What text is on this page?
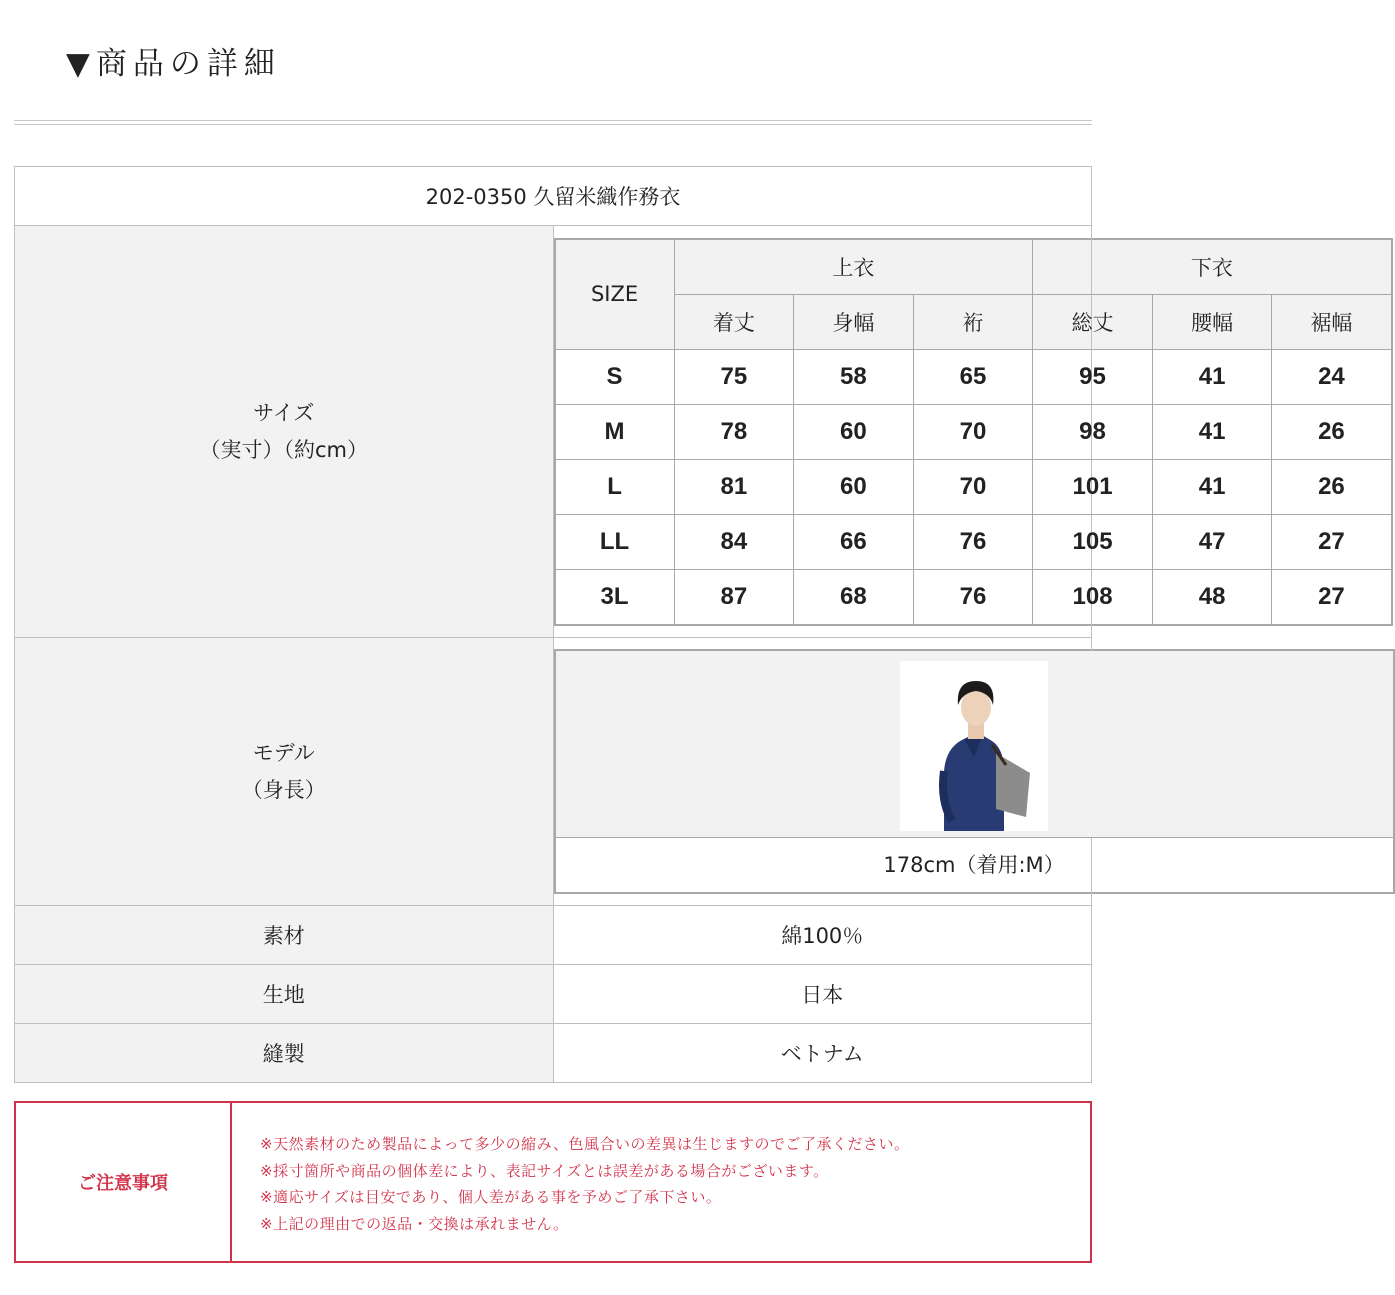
▼商品の詳細
202-0350 久留米織作務衣

サイズ
（実寸）（約cm）

SIZE	上衣	下衣
着丈	身幅	裄	総丈	腰幅	裾幅
S	75	58	65	95	41	24
M	78	60	70	98	41	26
L	81	60	70	101	41	26
LL	84	66	76	105	47	27
3L	87	68	76	108	48	27

モデル
（身長）

178cm（着用:M）

素材	綿100％
生地	日本
縫製	ベトナム
ご注意事項
※天然素材のため製品によって多少の縮み、色風合いの差異は生じますのでご了承ください。
※採寸箇所や商品の個体差により、表記サイズとは誤差がある場合がございます。
※適応サイズは目安であり、個人差がある事を予めご了承下さい。
※上記の理由での返品・交換は承れません。
